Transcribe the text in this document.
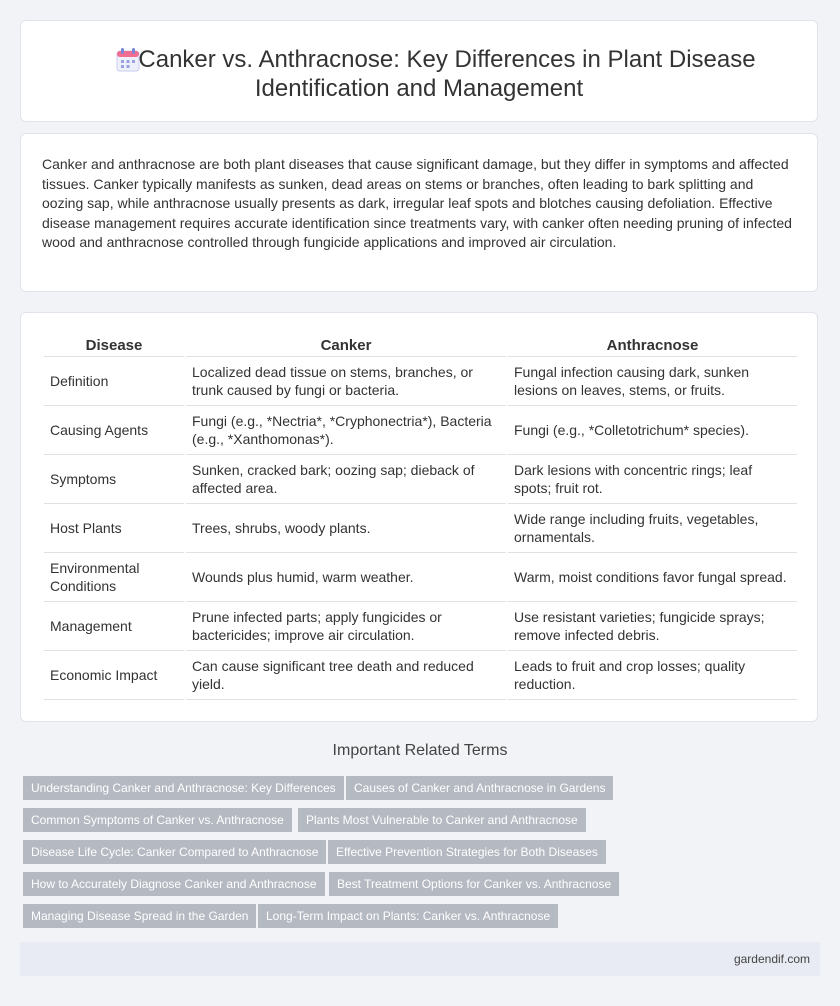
Canker vs. Anthracnose: Key Differences in Plant Disease
Identification and Management

Canker and anthracnose are both plant diseases that cause significant damage, but they differ in symptoms and affected tissues. Canker typically manifests as sunken, dead areas on stems or branches, often leading to bark splitting and oozing sap, while anthracnose usually presents as dark, irregular leaf spots and blotches causing defoliation. Effective disease management requires accurate identification since treatments vary, with canker often needing pruning of infected wood and anthracnose controlled through fungicide applications and improved air circulation.

Disease	Canker	Anthracnose
Definition	Localized dead tissue on stems, branches, or trunk caused by fungi or bacteria.	Fungal infection causing dark, sunken lesions on leaves, stems, or fruits.
Causing Agents	Fungi (e.g., *Nectria*, *Cryphonectria*), Bacteria (e.g., *Xanthomonas*).	Fungi (e.g., *Colletotrichum* species).
Symptoms	Sunken, cracked bark; oozing sap; dieback of affected area.	Dark lesions with concentric rings; leaf spots; fruit rot.
Host Plants	Trees, shrubs, woody plants.	Wide range including fruits, vegetables, ornamentals.
Environmental Conditions	Wounds plus humid, warm weather.	Warm, moist conditions favor fungal spread.
Management	Prune infected parts; apply fungicides or bactericides; improve air circulation.	Use resistant varieties; fungicide sprays; remove infected debris.
Economic Impact	Can cause significant tree death and reduced yield.	Leads to fruit and crop losses; quality reduction.
Important Related Terms
Understanding Canker and Anthracnose: Key Differences	Causes of Canker and Anthracnose in Gardens
Common Symptoms of Canker vs. Anthracnose	Plants Most Vulnerable to Canker and Anthracnose
Disease Life Cycle: Canker Compared to Anthracnose	Effective Prevention Strategies for Both Diseases
How to Accurately Diagnose Canker and Anthracnose	Best Treatment Options for Canker vs. Anthracnose
Managing Disease Spread in the Garden	Long-Term Impact on Plants: Canker vs. Anthracnose
gardendif.com
